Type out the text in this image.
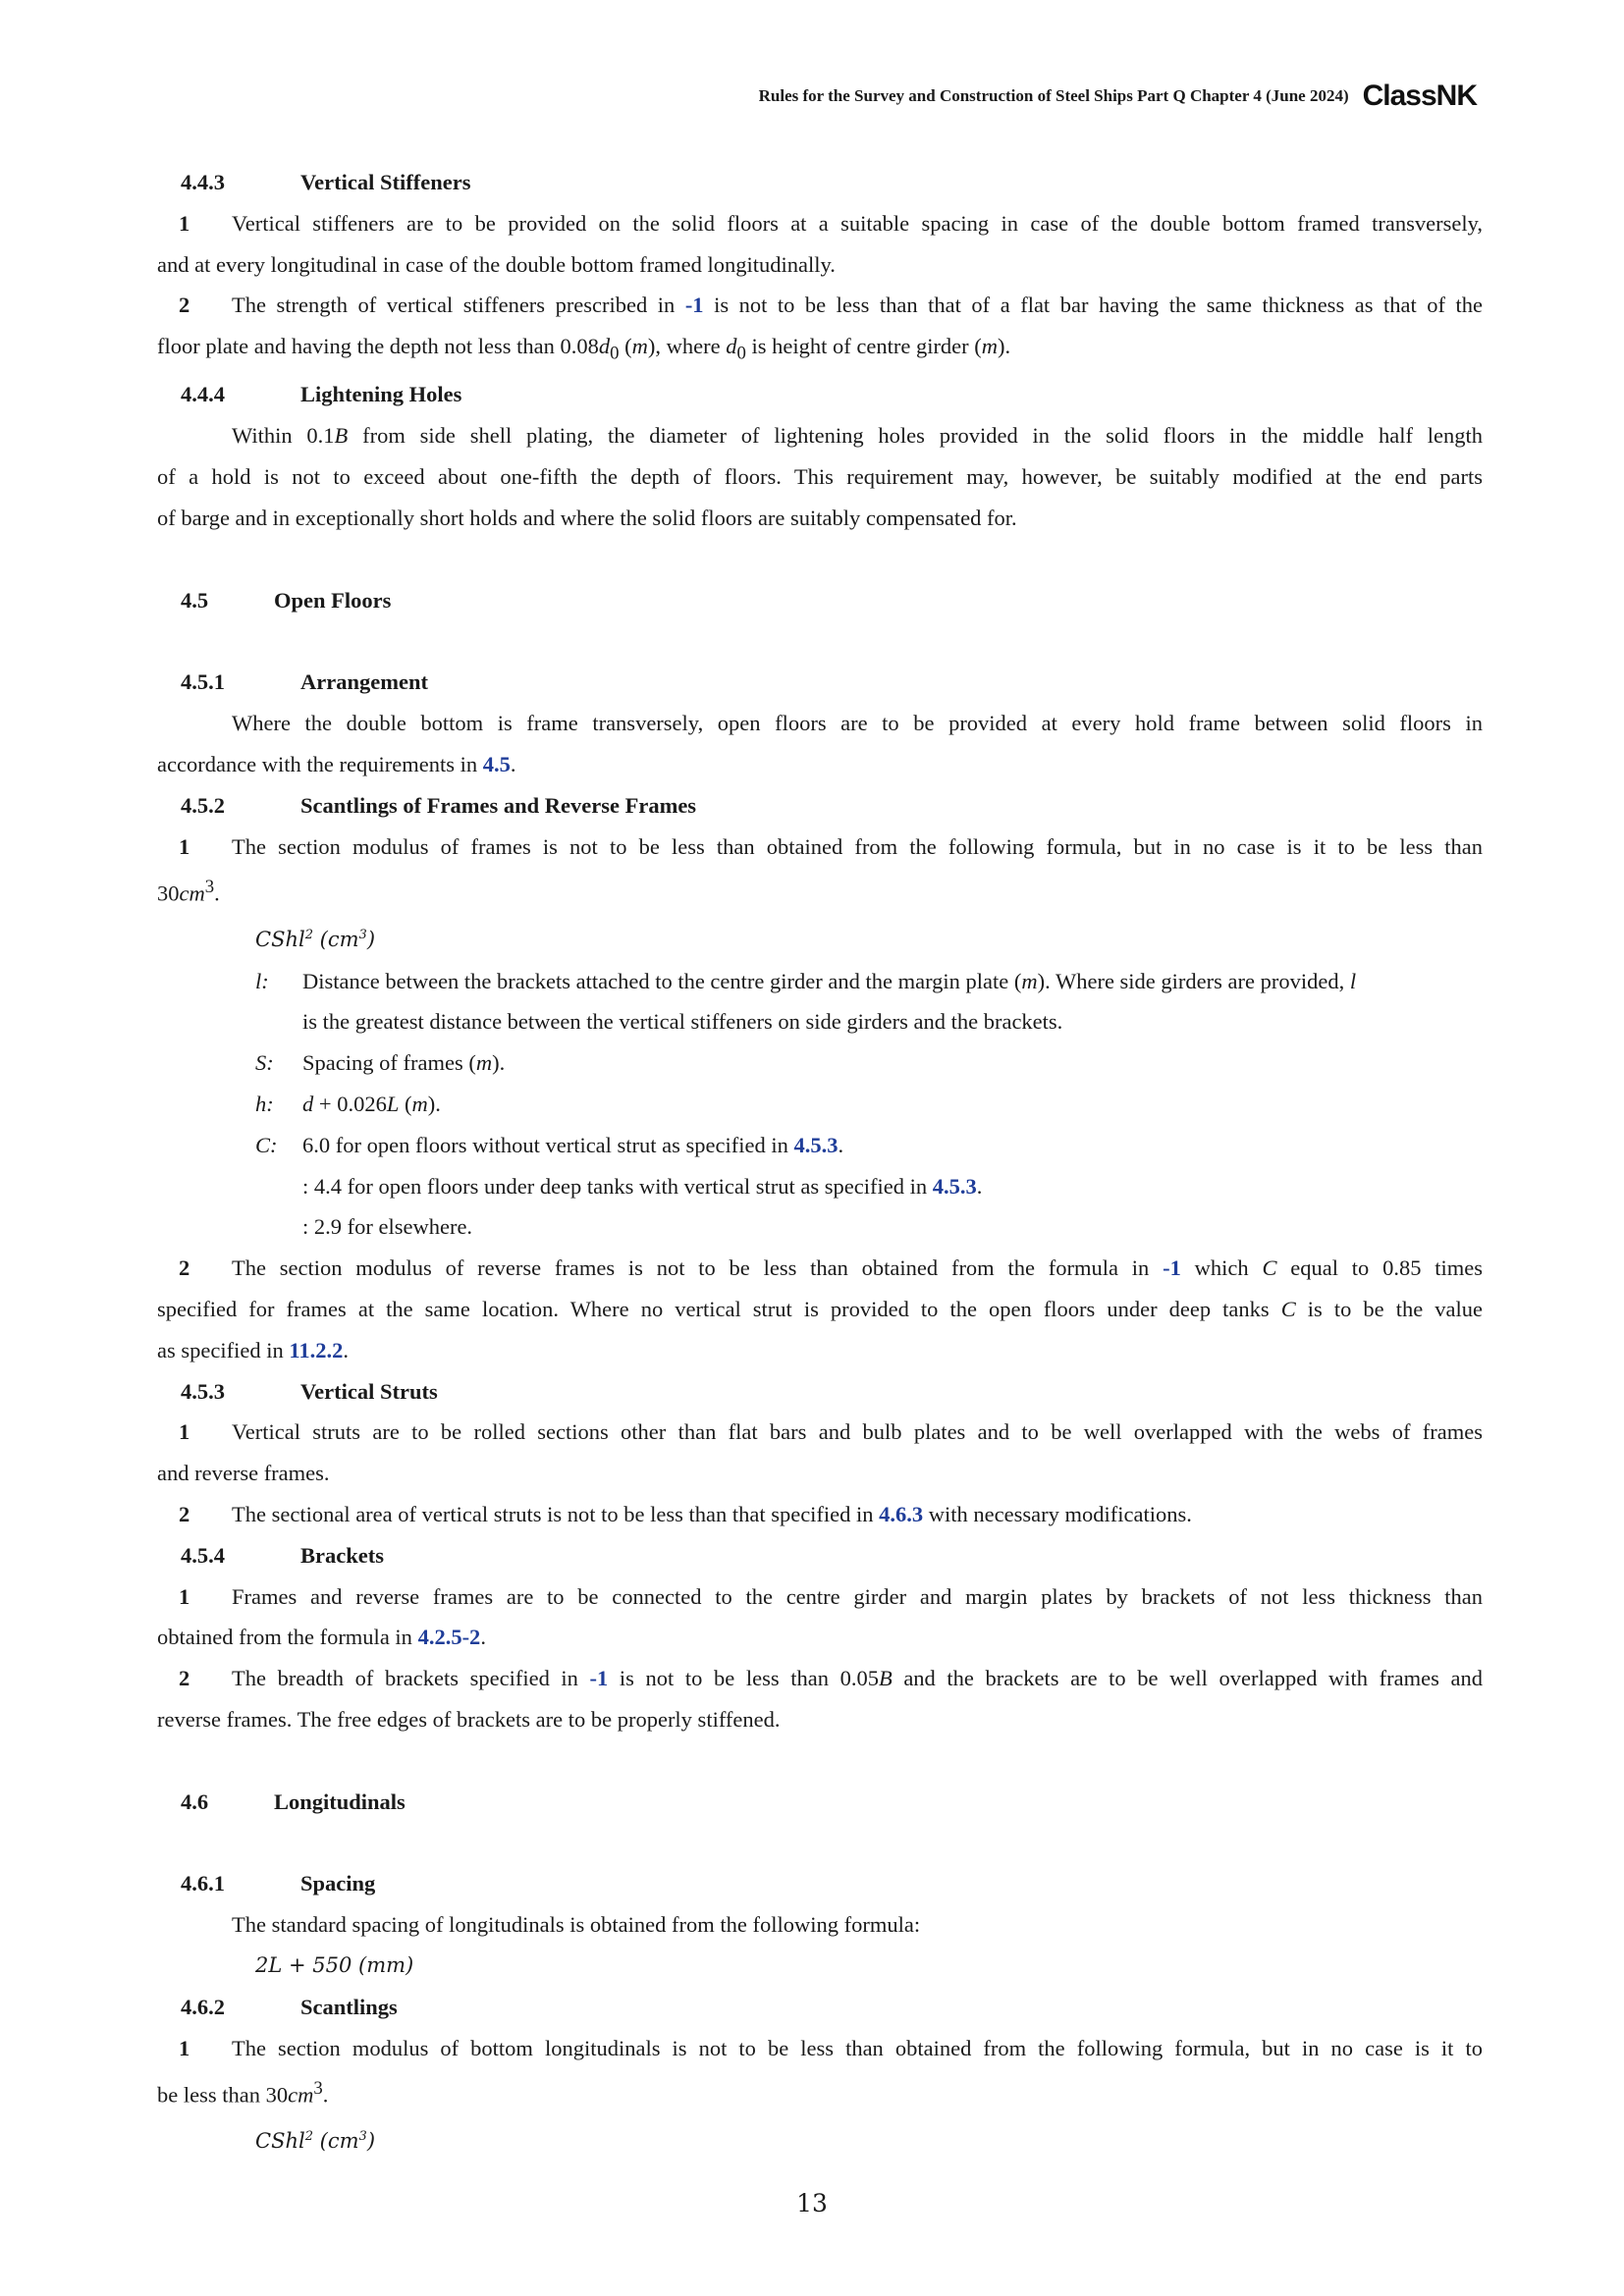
Rules for the Survey and Construction of Steel Ships Part Q Chapter 4 (June 2024) ClassNK

4.4.3	Vertical Stiffeners

1 Vertical stiffeners are to be provided on the solid floors at a suitable spacing in case of the double bottom framed transversely,

and at every longitudinal in case of the double bottom framed longitudinally.

2 The strength of vertical stiffeners prescribed in -1 is not to be less than that of a flat bar having the same thickness as that of the

floor plate and having the depth not less than $0.08d_0$ (m), where $d_0$ is height of centre girder (m).

4.4.4	Lightening Holes

Within 0.1B from side shell plating, the diameter of lightening holes provided in the solid floors in the middle half length

of a hold is not to exceed about one-fifth the depth of floors. This requirement may, however, be suitably modified at the end parts

of barge and in exceptionally short holds and where the solid floors are suitably compensated for.

4.5	Open Floors

4.5.1	Arrangement

Where the double bottom is frame transversely, open floors are to be provided at every hold frame between solid floors in

accordance with the requirements in 4.5.

4.5.2	Scantlings of Frames and Reverse Frames

1 The section modulus of frames is not to be less than obtained from the following formula, but in no case is it to be less than

$30cm^3$.

CShl$^2$ $(cm^3)$

l: Distance between the brackets attached to the centre girder and the margin plate (m). Where side girders are provided, l

is the greatest distance between the vertical stiffeners on side girders and the brackets.

S: Spacing of frames (m).

h: d + 0.026L (m).

C: 6.0 for open floors without vertical strut as specified in 4.5.3.

: 4.4 for open floors under deep tanks with vertical strut as specified in 4.5.3.

: 2.9 for elsewhere.

2 The section modulus of reverse frames is not to be less than obtained from the formula in -1 which C equal to 0.85 times

specified for frames at the same location. Where no vertical strut is provided to the open floors under deep tanks C is to be the value

as specified in 11.2.2.

4.5.3	Vertical Struts

1 Vertical struts are to be rolled sections other than flat bars and bulb plates and to be well overlapped with the webs of frames

and reverse frames.

2 The sectional area of vertical struts is not to be less than that specified in 4.6.3 with necessary modifications.

4.5.4	Brackets

1 Frames and reverse frames are to be connected to the centre girder and margin plates by brackets of not less thickness than

obtained from the formula in 4.2.5-2.

2 The breadth of brackets specified in -1 is not to be less than 0.05B and the brackets are to be well overlapped with frames and

reverse frames. The free edges of brackets are to be properly stiffened.

4.6	Longitudinals

4.6.1	Spacing

The standard spacing of longitudinals is obtained from the following formula:

2L + 550 (mm)

4.6.2	Scantlings

1 The section modulus of bottom longitudinals is not to be less than obtained from the following formula, but in no case is it to

be less than $30cm^3$.

CShl$^2$ $(cm^3)$

13
